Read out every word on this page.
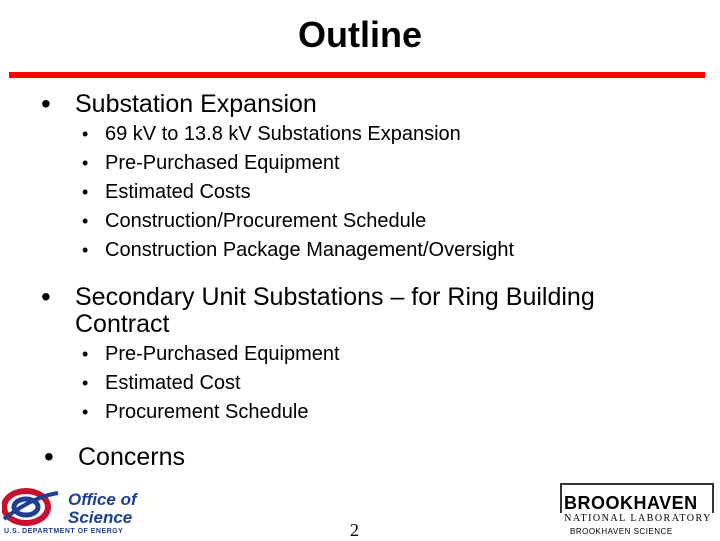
Outline
• Substation Expansion
• 69 kV to 13.8 kV Substations Expansion
• Pre-Purchased Equipment
• Estimated Costs
• Construction/Procurement Schedule
• Construction Package Management/Oversight
• Secondary Unit Substations – for Ring Building
Contract
• Pre-Purchased Equipment
• Estimated Cost
• Procurement Schedule
• Concerns
Office of
Science
U.S. DEPARTMENT OF ENERGY	2
BROOKHAVEN
NATIONAL LABORATORY
BROOKHAVEN SCIENCE
